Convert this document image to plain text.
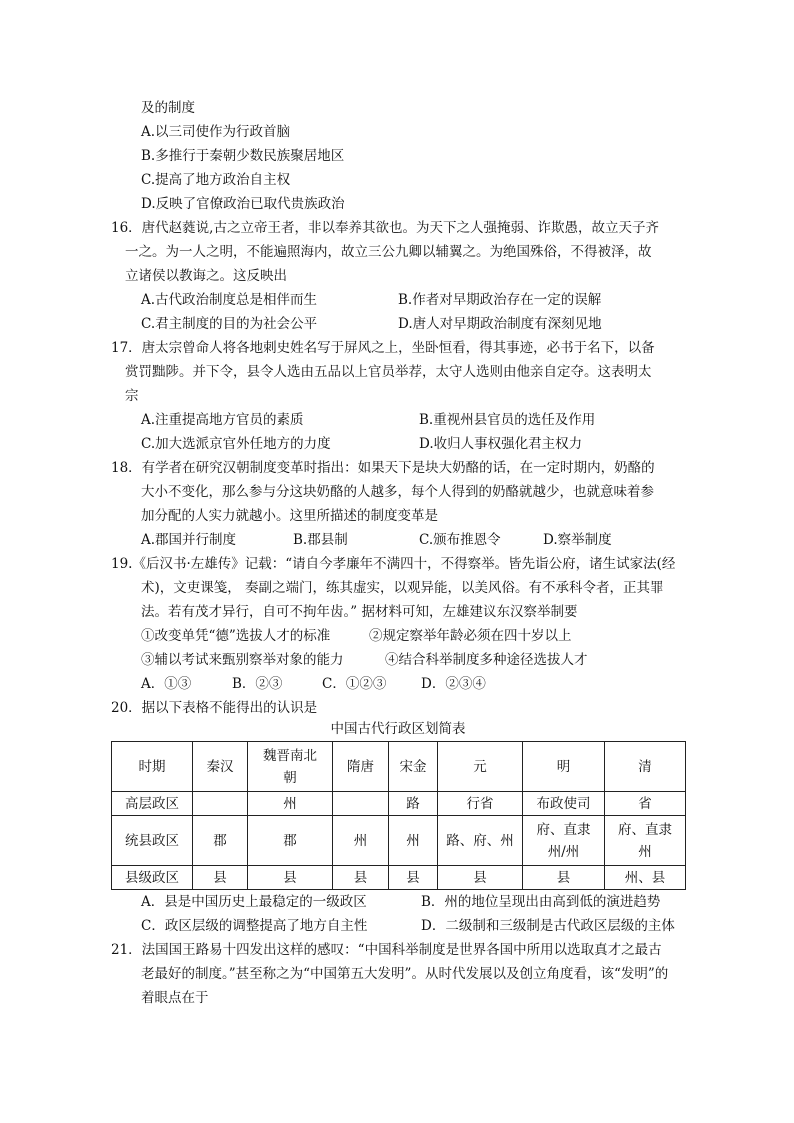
及的制度
A.以三司使作为行政首脑
B.多推行于秦朝少数民族聚居地区
C.提高了地方政治自主权
D.反映了官僚政治已取代贵族政治
16．唐代赵蕤说,古之立帝王者，非以奉养其欲也。为天下之人强掩弱、诈欺愚，故立天子齐
一之。为一人之明，不能遍照海内，故立三公九卿以辅翼之。为绝国殊俗，不得被泽，故
立诸侯以教诲之。这反映出
A.古代政治制度总是相伴而生	B.作者对早期政治存在一定的误解
C.君主制度的目的为社会公平	D.唐人对早期政治制度有深刻见地
17．唐太宗曾命人将各地刺史姓名写于屏风之上，坐卧恒看，得其事迹，必书于名下，以备
赏罚黜陟。并下令，县令人选由五品以上官员举荐，太守人选则由他亲自定夺。这表明太
宗
A.注重提高地方官员的素质	B.重视州县官员的选任及作用
C.加大选派京官外任地方的力度	D.收归人事权强化君主权力
18．有学者在研究汉朝制度变革时指出：如果天下是块大奶酪的话，在一定时期内，奶酪的
大小不变化，那么参与分这块奶酪的人越多，每个人得到的奶酪就越少，也就意味着参
加分配的人实力就越小。这里所描述的制度变革是
A.郡国并行制度	B.郡县制	C.颁布推恩令	D.察举制度
19.《后汉书·左雄传》记载：“请自今孝廉年不满四十，不得察举。皆先诣公府，诸生试家法(经
术)，文吏课笺， 奏副之端门，练其虚实，以观异能，以美风俗。有不承科令者，正其罪
法。若有茂才异行，自可不拘年齿。” 据材料可知，左雄建议东汉察举制要
①改变单凭“德”选拔人才的标准	②规定察举年龄必须在四十岁以上
③辅以考试来甄别察举对象的能力	④结合科举制度多种途径选拔人才
A．①③	B．②③	C．①②③	D．②③④
20．据以下表格不能得出的认识是
中国古代行政区划简表
时期	秦汉	魏晋南北朝	隋唐	宋金	元	明	清
高层政区		州		路	行省	布政使司	省
统县政区	郡	郡	州	州	路、府、州	府、直隶州/州	府、直隶州
县级政区	县	县	县	县	县	县	州、县
A．县是中国历史上最稳定的一级政区	B．州的地位呈现出由高到低的演进趋势
C．政区层级的调整提高了地方自主性	D．二级制和三级制是古代政区层级的主体
21．法国国王路易十四发出这样的感叹：“中国科举制度是世界各国中所用以选取真才之最古
老最好的制度。”甚至称之为“中国第五大发明”。从时代发展以及创立角度看，该“发明”的
着眼点在于
